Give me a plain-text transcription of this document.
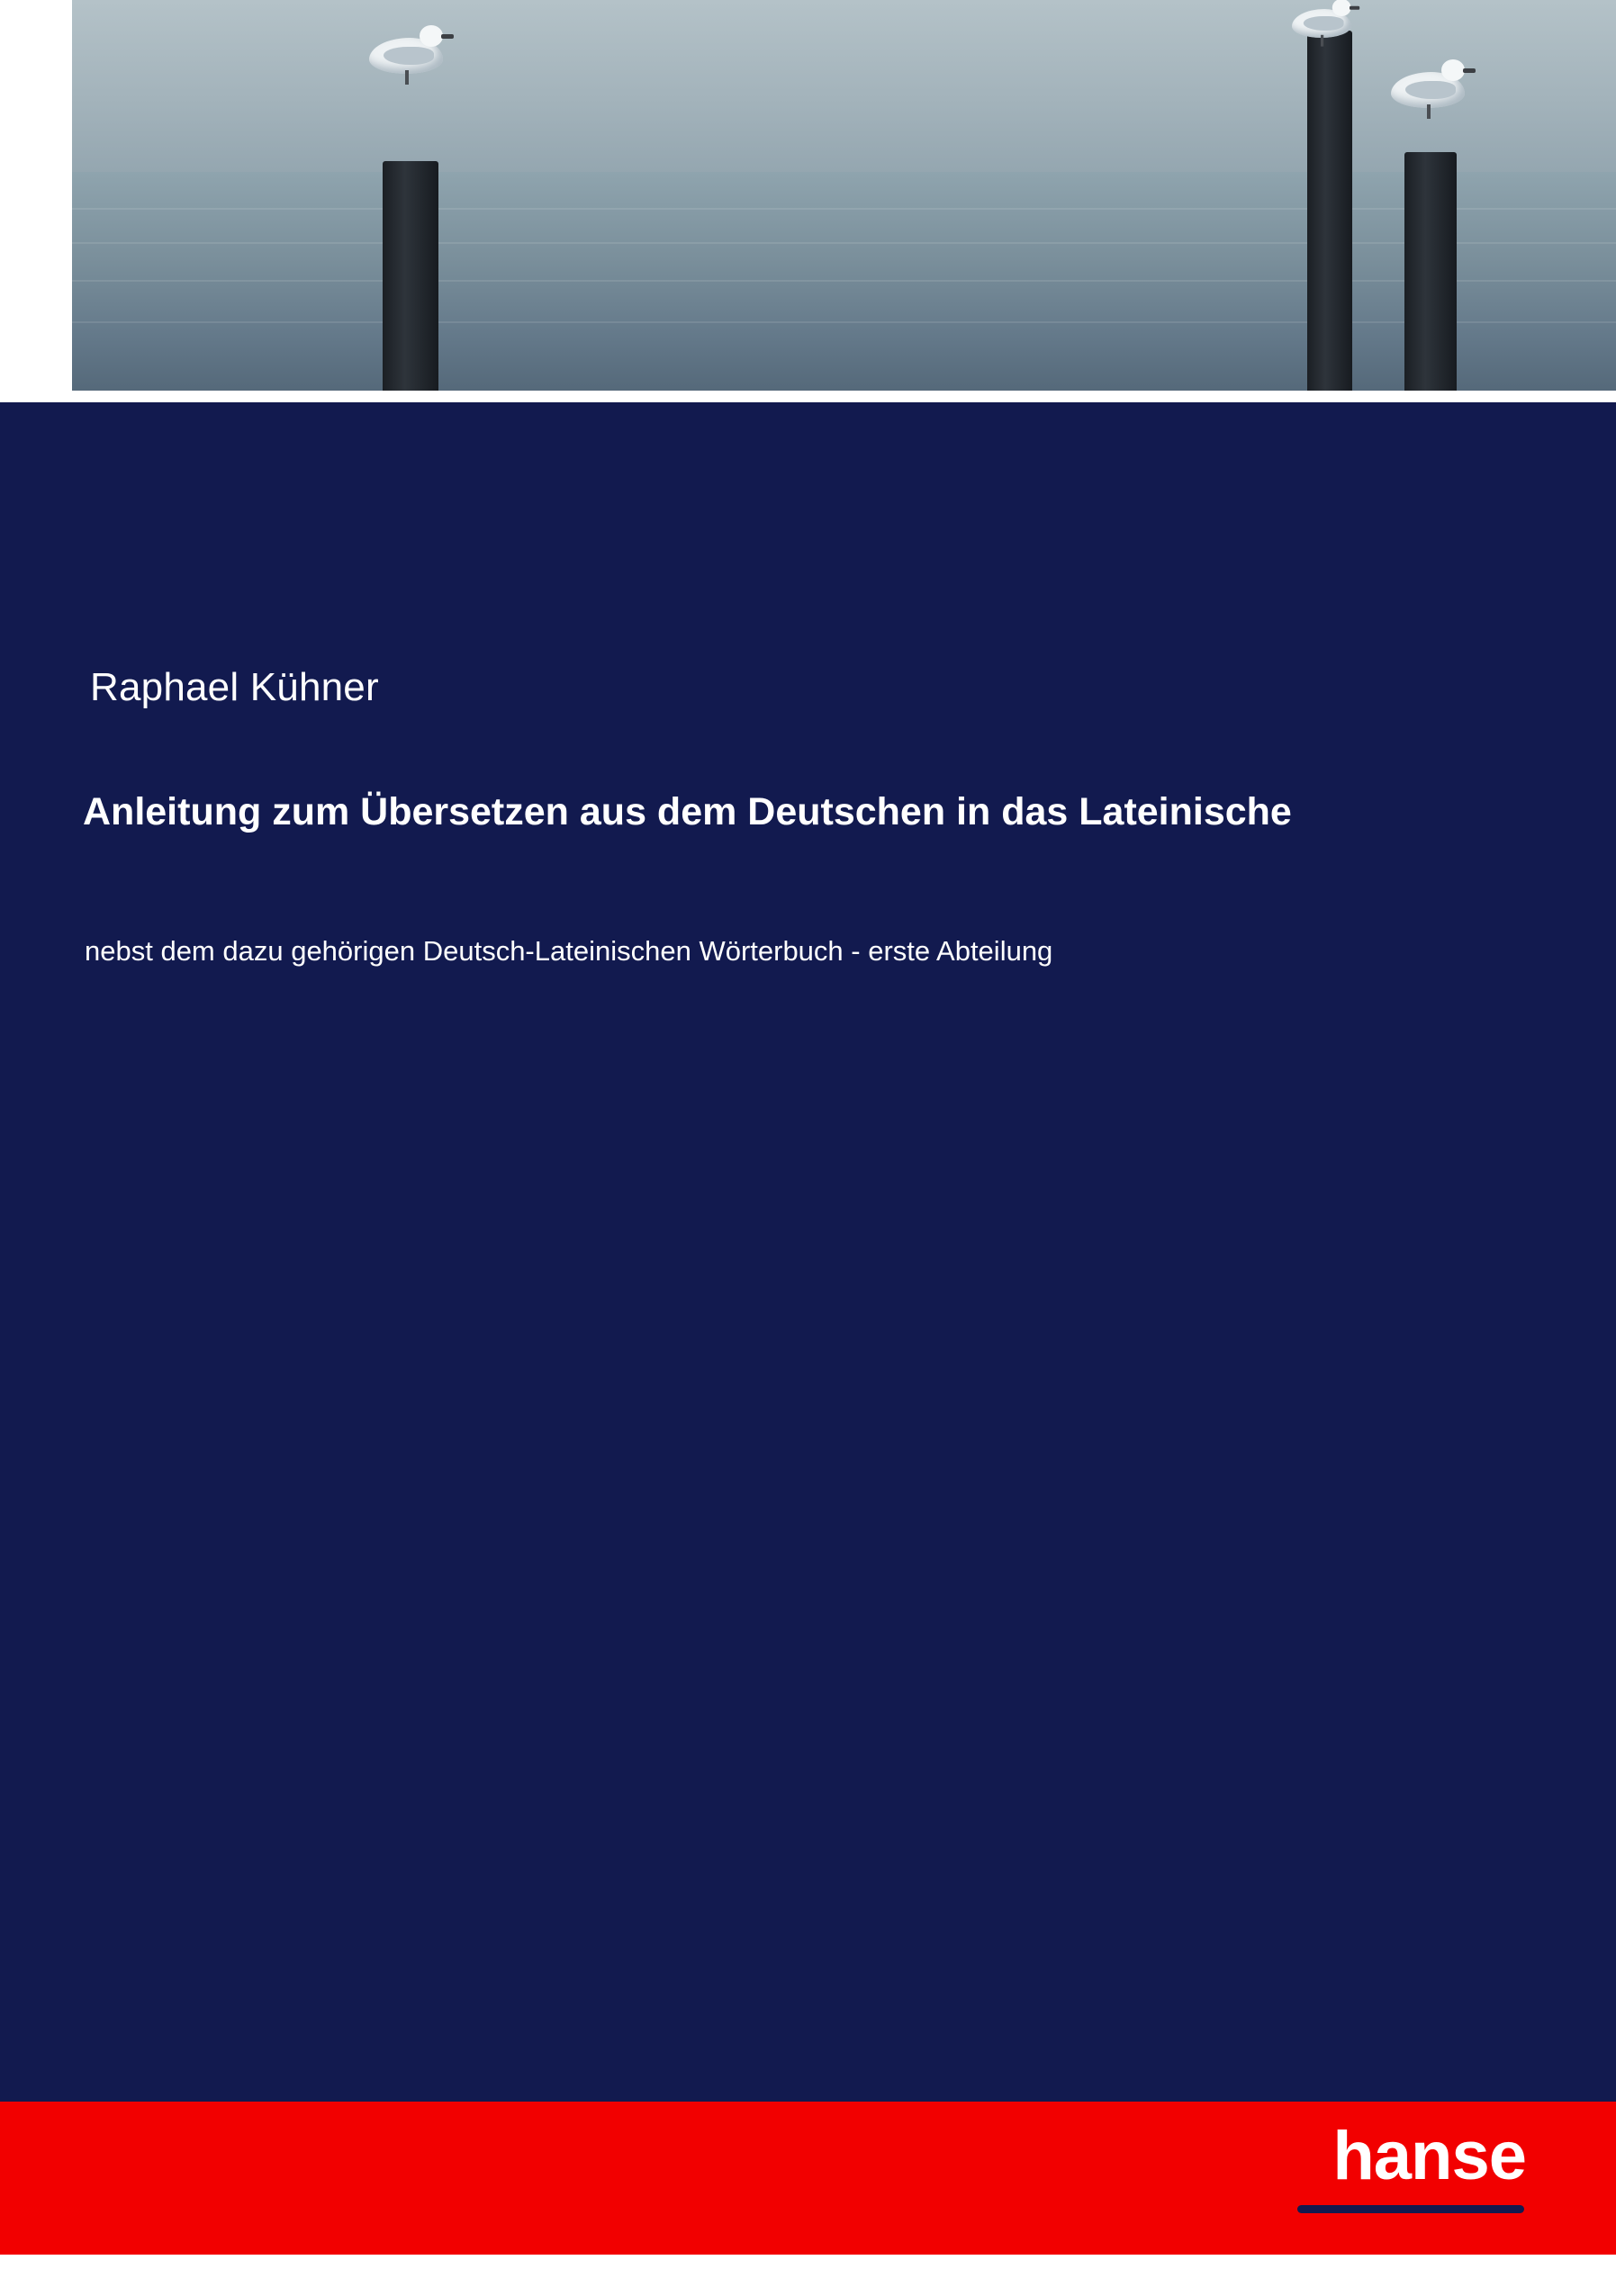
Raphael Kühner
Anleitung zum Übersetzen aus dem Deutschen in das Lateinische
nebst dem dazu gehörigen Deutsch-Lateinischen Wörterbuch - erste Abteilung
hanse
